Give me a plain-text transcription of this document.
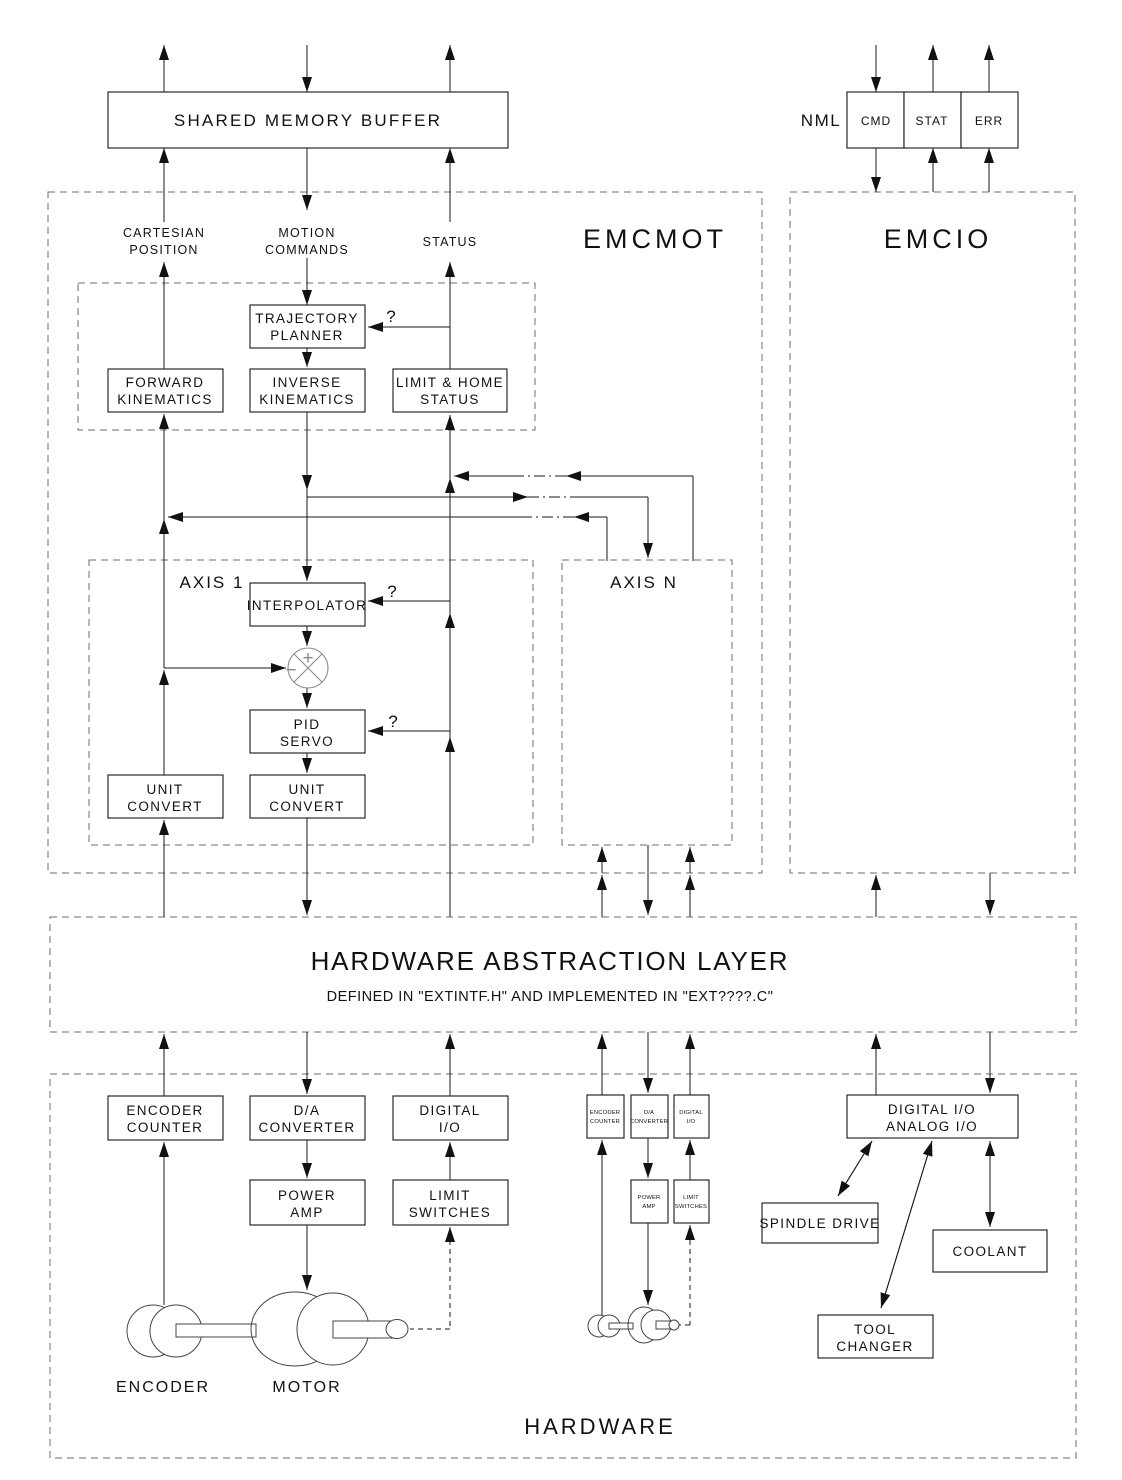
SHARED MEMORY BUFFER	NML CMD STAT ERR
EMCMOT	EMCIO
CARTESIAN
POSITION
MOTION
COMMANDS
STATUS
TRAJECTORY
PLANNER
FORWARD
KINEMATICS
INVERSE
KINEMATICS
LIMIT & HOME
STATUS
?
?
?
AXIS 1	AXIS N
INTERPOLATOR
+
−
PID
SERVO
UNIT
CONVERT
UNIT
CONVERT
HARDWARE ABSTRACTION LAYER
DEFINED IN "EXTINTF.H" AND IMPLEMENTED IN "EXT????.C"
ENCODER
COUNTER
D/A
CONVERTER
DIGITAL
I/O
POWER
AMP
LIMIT
SWITCHES
ENCODER
COUNTER
D/A
CONVERTER
DIGITAL
I/O
POWER
AMP
LIMIT
SWITCHES
DIGITAL I/O
ANALOG I/O
SPINDLE DRIVE
COOLANT
TOOL
CHANGER
ENCODER	MOTOR
HARDWARE
